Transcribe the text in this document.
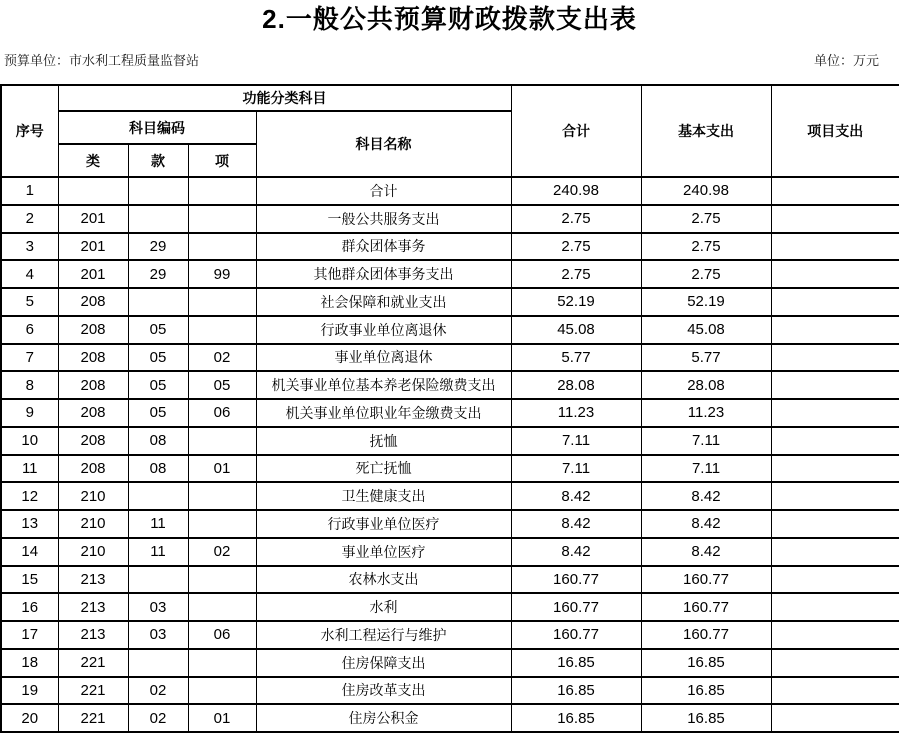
2.一般公共预算财政拨款支出表
预算单位：市水利工程质量监督站	单位：万元
序号	功能分类科目				合计	基本支出	项目支出
	科目编码			科目名称			
	类	款	项				
1				合计	240.98	240.98	
2	201			一般公共服务支出	2.75	2.75	
3	201	29		群众团体事务	2.75	2.75	
4	201	29	99	其他群众团体事务支出	2.75	2.75	
5	208			社会保障和就业支出	52.19	52.19	
6	208	05		行政事业单位离退休	45.08	45.08	
7	208	05	02	事业单位离退休	5.77	5.77	
8	208	05	05	机关事业单位基本养老保险缴费支出	28.08	28.08	
9	208	05	06	机关事业单位职业年金缴费支出	11.23	11.23	
10	208	08		抚恤	7.11	7.11	
11	208	08	01	死亡抚恤	7.11	7.11	
12	210			卫生健康支出	8.42	8.42	
13	210	11		行政事业单位医疗	8.42	8.42	
14	210	11	02	事业单位医疗	8.42	8.42	
15	213			农林水支出	160.77	160.77	
16	213	03		水利	160.77	160.77	
17	213	03	06	水利工程运行与维护	160.77	160.77	
18	221			住房保障支出	16.85	16.85	
19	221	02		住房改革支出	16.85	16.85	
20	221	02	01	住房公积金	16.85	16.85	
